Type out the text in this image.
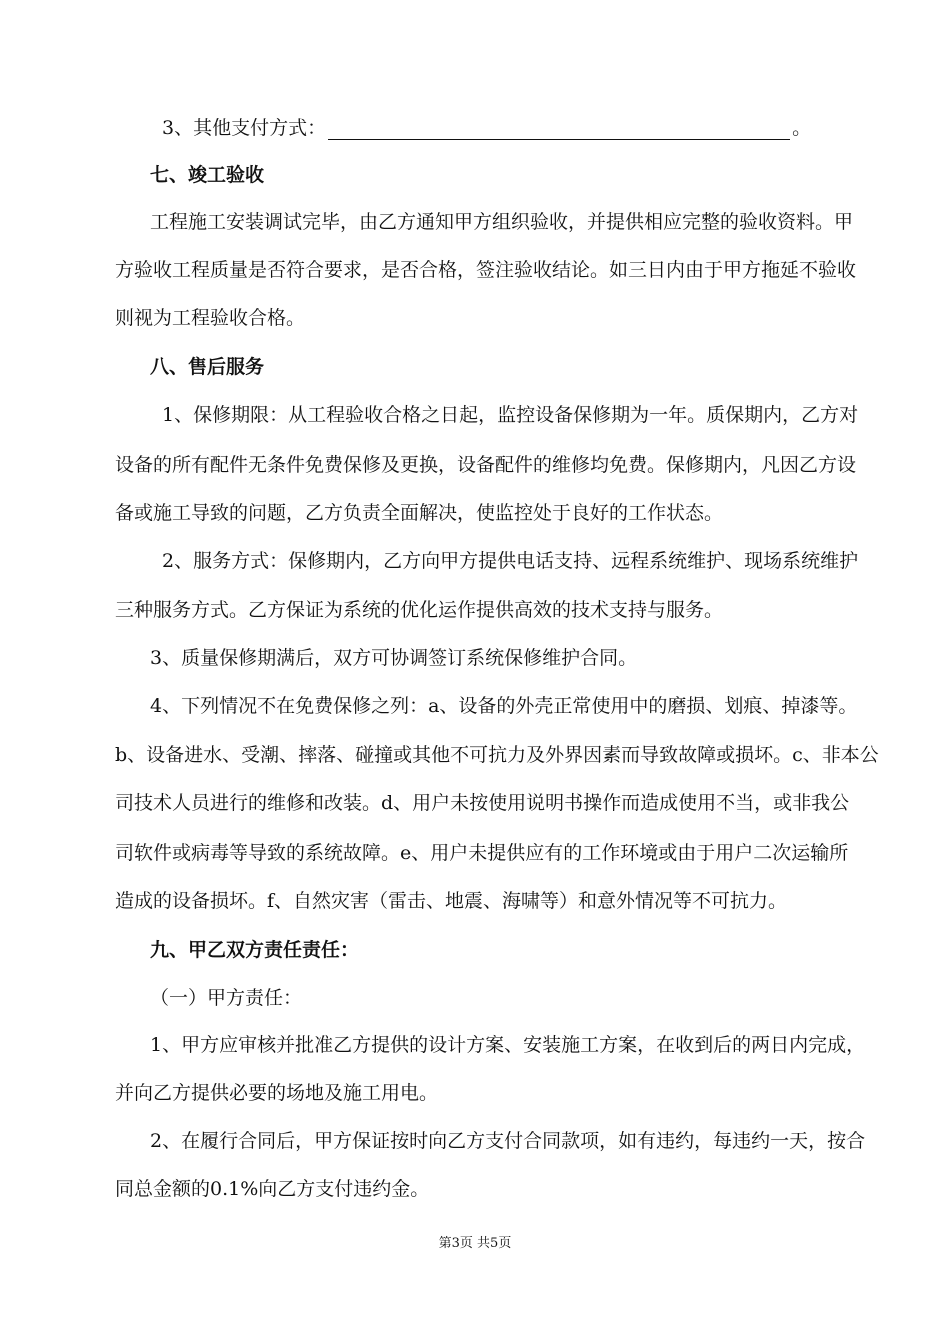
3、其他支付方式：	。
七、竣工验收
工程施工安装调试完毕，由乙方通知甲方组织验收，并提供相应完整的验收资料。甲
方验收工程质量是否符合要求，是否合格，签注验收结论。如三日内由于甲方拖延不验收
则视为工程验收合格。
八、售后服务
1、保修期限：从工程验收合格之日起，监控设备保修期为一年。质保期内，乙方对
设备的所有配件无条件免费保修及更换，设备配件的维修均免费。保修期内，凡因乙方设
备或施工导致的问题，乙方负责全面解决，使监控处于良好的工作状态。
2、服务方式：保修期内，乙方向甲方提供电话支持、远程系统维护、现场系统维护
三种服务方式。乙方保证为系统的优化运作提供高效的技术支持与服务。
3、质量保修期满后，双方可协调签订系统保修维护合同。
4、下列情况不在免费保修之列：a、设备的外壳正常使用中的磨损、划痕、掉漆等。
b、设备进水、受潮、摔落、碰撞或其他不可抗力及外界因素而导致故障或损坏。c、非本公
司技术人员进行的维修和改装。d、用户未按使用说明书操作而造成使用不当，或非我公
司软件或病毒等导致的系统故障。e、用户未提供应有的工作环境或由于用户二次运输所
造成的设备损坏。f、自然灾害（雷击、地震、海啸等）和意外情况等不可抗力。
九、甲乙双方责任责任：
（一）甲方责任：
1、甲方应审核并批准乙方提供的设计方案、安装施工方案，在收到后的两日内完成，
并向乙方提供必要的场地及施工用电。
2、在履行合同后，甲方保证按时向乙方支付合同款项，如有违约，每违约一天，按合
同总金额的0.1%向乙方支付违约金。
第3页 共5页
